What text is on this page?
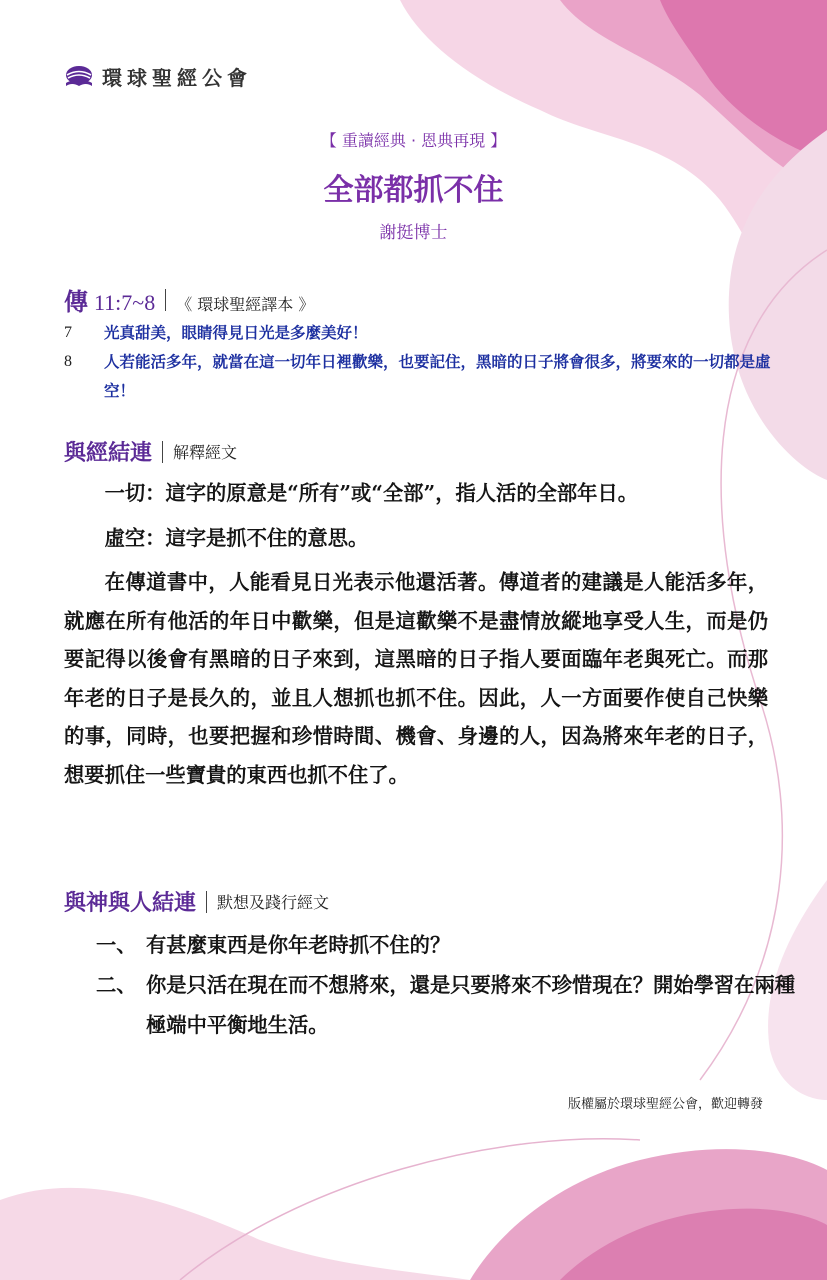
環球聖經公會
【 重讀經典 · 恩典再現 】
全部都抓不住
謝挺博士
傳 11:7~8 《 環球聖經譯本 》
7	光真甜美，眼睛得見日光是多麼美好！
8	人若能活多年，就當在這一切年日裡歡樂，也要記住，黑暗的日子將會很多，將要來的一切都是虛空！
與經結連 解釋經文

一切：這字的原意是“所有”或“全部”，指人活的全部年日。

虛空：這字是抓不住的意思。

在傳道書中，人能看見日光表示他還活著。傳道者的建議是人能活多年，就應在所有他活的年日中歡樂，但是這歡樂不是盡情放縱地享受人生，而是仍要記得以後會有黑暗的日子來到，這黑暗的日子指人要面臨年老與死亡。而那年老的日子是長久的，並且人想抓也抓不住。因此，人一方面要作使自己快樂的事，同時，也要把握和珍惜時間、機會、身邊的人，因為將來年老的日子，想要抓住一些寶貴的東西也抓不住了。

與神與人結連 默想及踐行經文
一、 有甚麼東西是你年老時抓不住的？
二、 你是只活在現在而不想將來，還是只要將來不珍惜現在？開始學習在兩種極端中平衡地生活。
版權屬於環球聖經公會，歡迎轉發
